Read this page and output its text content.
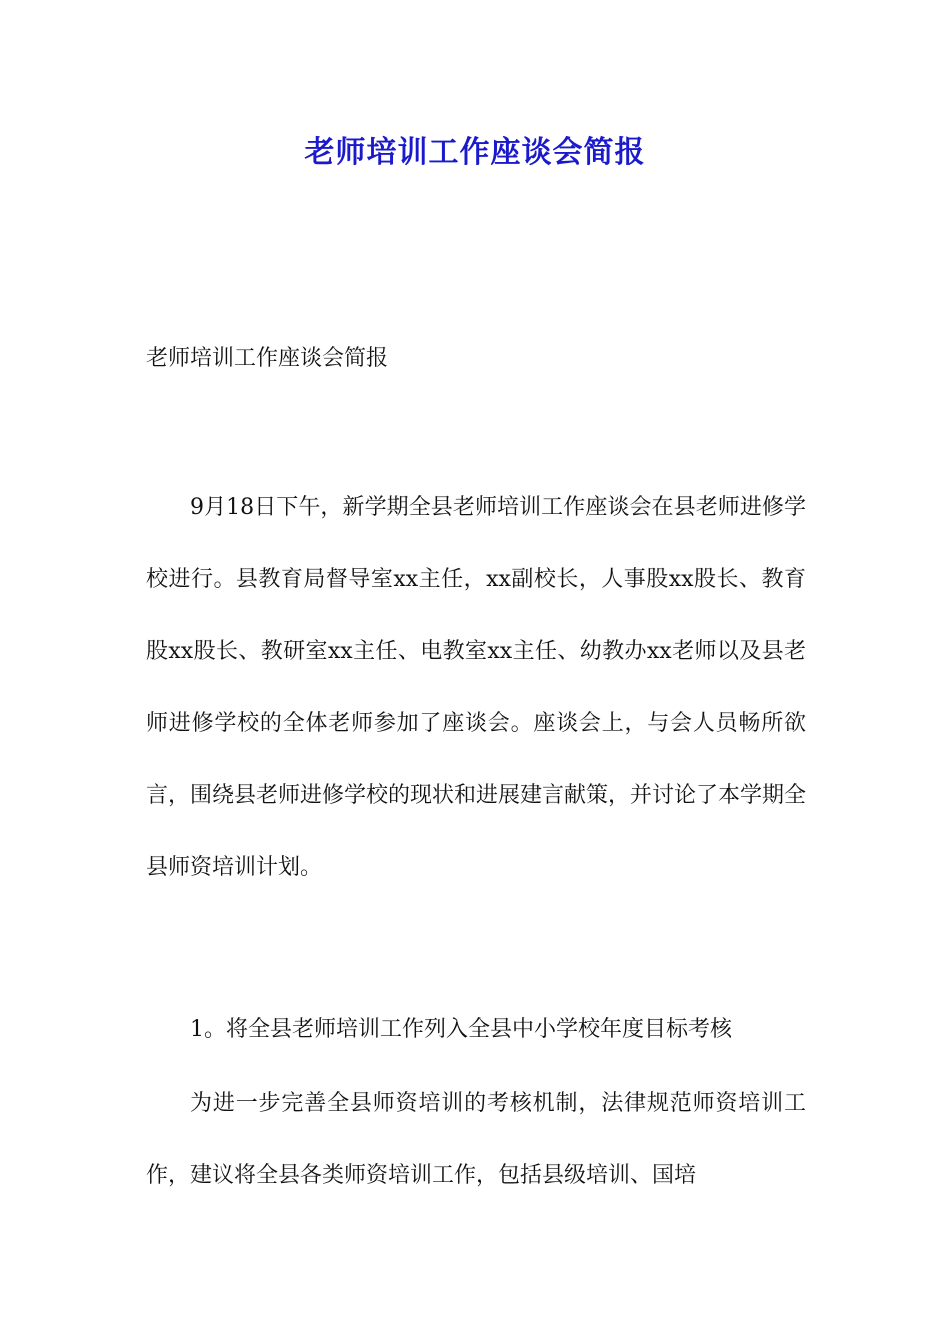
老师培训工作座谈会简报
老师培训工作座谈会简报

9月18日下午，新学期全县老师培训工作座谈会在县老师进修学校进行。县教育局督导室xx主任，xx副校长，人事股xx股长、教育股xx股长、教研室xx主任、电教室xx主任、幼教办xx老师以及县老师进修学校的全体老师参加了座谈会。座谈会上，与会人员畅所欲言，围绕县老师进修学校的现状和进展建言献策，并讨论了本学期全县师资培训计划。

1。将全县老师培训工作列入全县中小学校年度目标考核

为进一步完善全县师资培训的考核机制，法律规范师资培训工作，建议将全县各类师资培训工作，包括县级培训、国培
